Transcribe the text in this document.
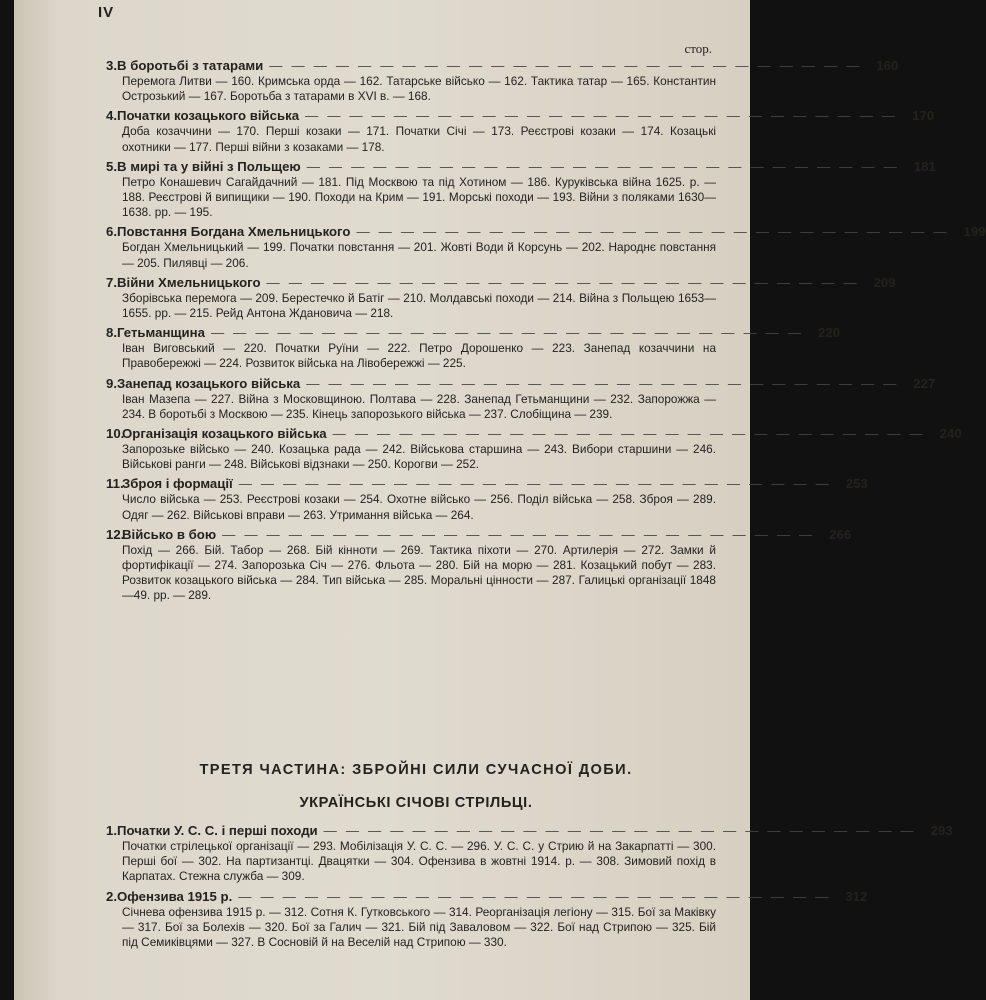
IV
стор.
3. В боротьбі з татарами ——————————————————————————— 160
Перемога Литви — 160. Кримська орда — 162. Татарське військо — 162. Тактика татар — 165. Константин Острозький — 167. Боротьба з татарами в XVI в. — 168.
4. Початки козацького війська ——————————————————————————— 170
Доба козаччини — 170. Перші козаки — 171. Початки Січі — 173. Реєстрові козаки — 174. Козацькі охотники — 177. Перші війни з козаками — 178.
5. В мирі та у війні з Польщею ——————————————————————————— 181
Петро Конашевич Сагайдачний — 181. Під Москвою та під Хотином — 186. Куруківська війна 1625. р. — 188. Реєстрові й випищики — 190. Походи на Крим — 191. Морські походи — 193. Війни з поляками 1630—1638. рр. — 195.
6. Повстання Богдана Хмельницького ——————————————————————————— 199
Богдан Хмельницький — 199. Початки повстання — 201. Жовті Води й Корсунь — 202. Народнє повстання — 205. Пилявці — 206.
7. Війни Хмельницького ——————————————————————————— 209
Зборівська перемога — 209. Берестечко й Батіг — 210. Молдавські походи — 214. Війна з Польщею 1653—1655. рр. — 215. Рейд Антона Ждановича — 218.
8. Гетьманщина ——————————————————————————— 220
Іван Виговський — 220. Початки Руїни — 222. Петро Дорошенко — 223. Занепад козаччини на Правобережжі — 224. Розвиток війська на Лівобережжі — 225.
9. Занепад козацького війська ——————————————————————————— 227
Іван Мазепа — 227. Війна з Московщиною. Полтава — 228. Занепад Гетьманщини — 232. Запорожжа — 234. В боротьбі з Москвою — 235. Кінець запорозького війська — 237. Слобіщина — 239.
10.
Організація козацького війська ——————————————————————————— 240
Запорозьке військо — 240. Козацька рада — 242. Військова старшина — 243. Вибори старшини — 246. Військові ранги — 248. Військові відзнаки — 250. Корогви — 252.
11.
Зброя і формації ——————————————————————————— 253
Число війська — 253. Реєстрові козаки — 254. Охотне військо — 256. Поділ війська — 258. Зброя — 289. Одяг — 262. Військові вправи — 263. Утримання війська — 264.
12.
Військо в бою ——————————————————————————— 266
Похід — 266. Бій. Табор — 268. Бій кінноти — 269. Тактика піхоти — 270. Артилерія — 272. Замки й фортифікації — 274. Запорозька Січ — 276. Фльота — 280. Бій на морю — 281. Козацький побут — 283. Розвиток козацького війська — 284. Тип війська — 285. Моральні цінности — 287. Галицькі організації 1848—49. рр. — 289.
ТРЕТЯ ЧАСТИНА: ЗБРОЙНІ СИЛИ СУЧАСНОЇ ДОБИ.
УКРАЇНСЬКІ СІЧОВІ СТРІЛЬЦІ.
1. Початки У. С. С. і перші походи ——————————————————————————— 293
Початки стрілецької організації — 293. Мобілізація У. С. С. — 296. У. С. С. у Стрию й на Закарпатті — 300. Перші бої — 302. На партизантці. Двацятки — 304. Офензива в жовтні 1914. р. — 308. Зимовий похід в Карпатах. Стежна служба — 309.
2. Офензива 1915 р. ——————————————————————————— 312
Січнева офензива 1915 р. — 312. Сотня К. Гутковського — 314. Реорганізація легіону — 315. Бої за Маківку — 317. Бої за Болехів — 320. Бої за Галич — 321. Бій під Заваловом — 322. Бої над Стрипою — 325. Бій під Семиківцями — 327. В Сосновій й на Веселій над Стрипою — 330.
